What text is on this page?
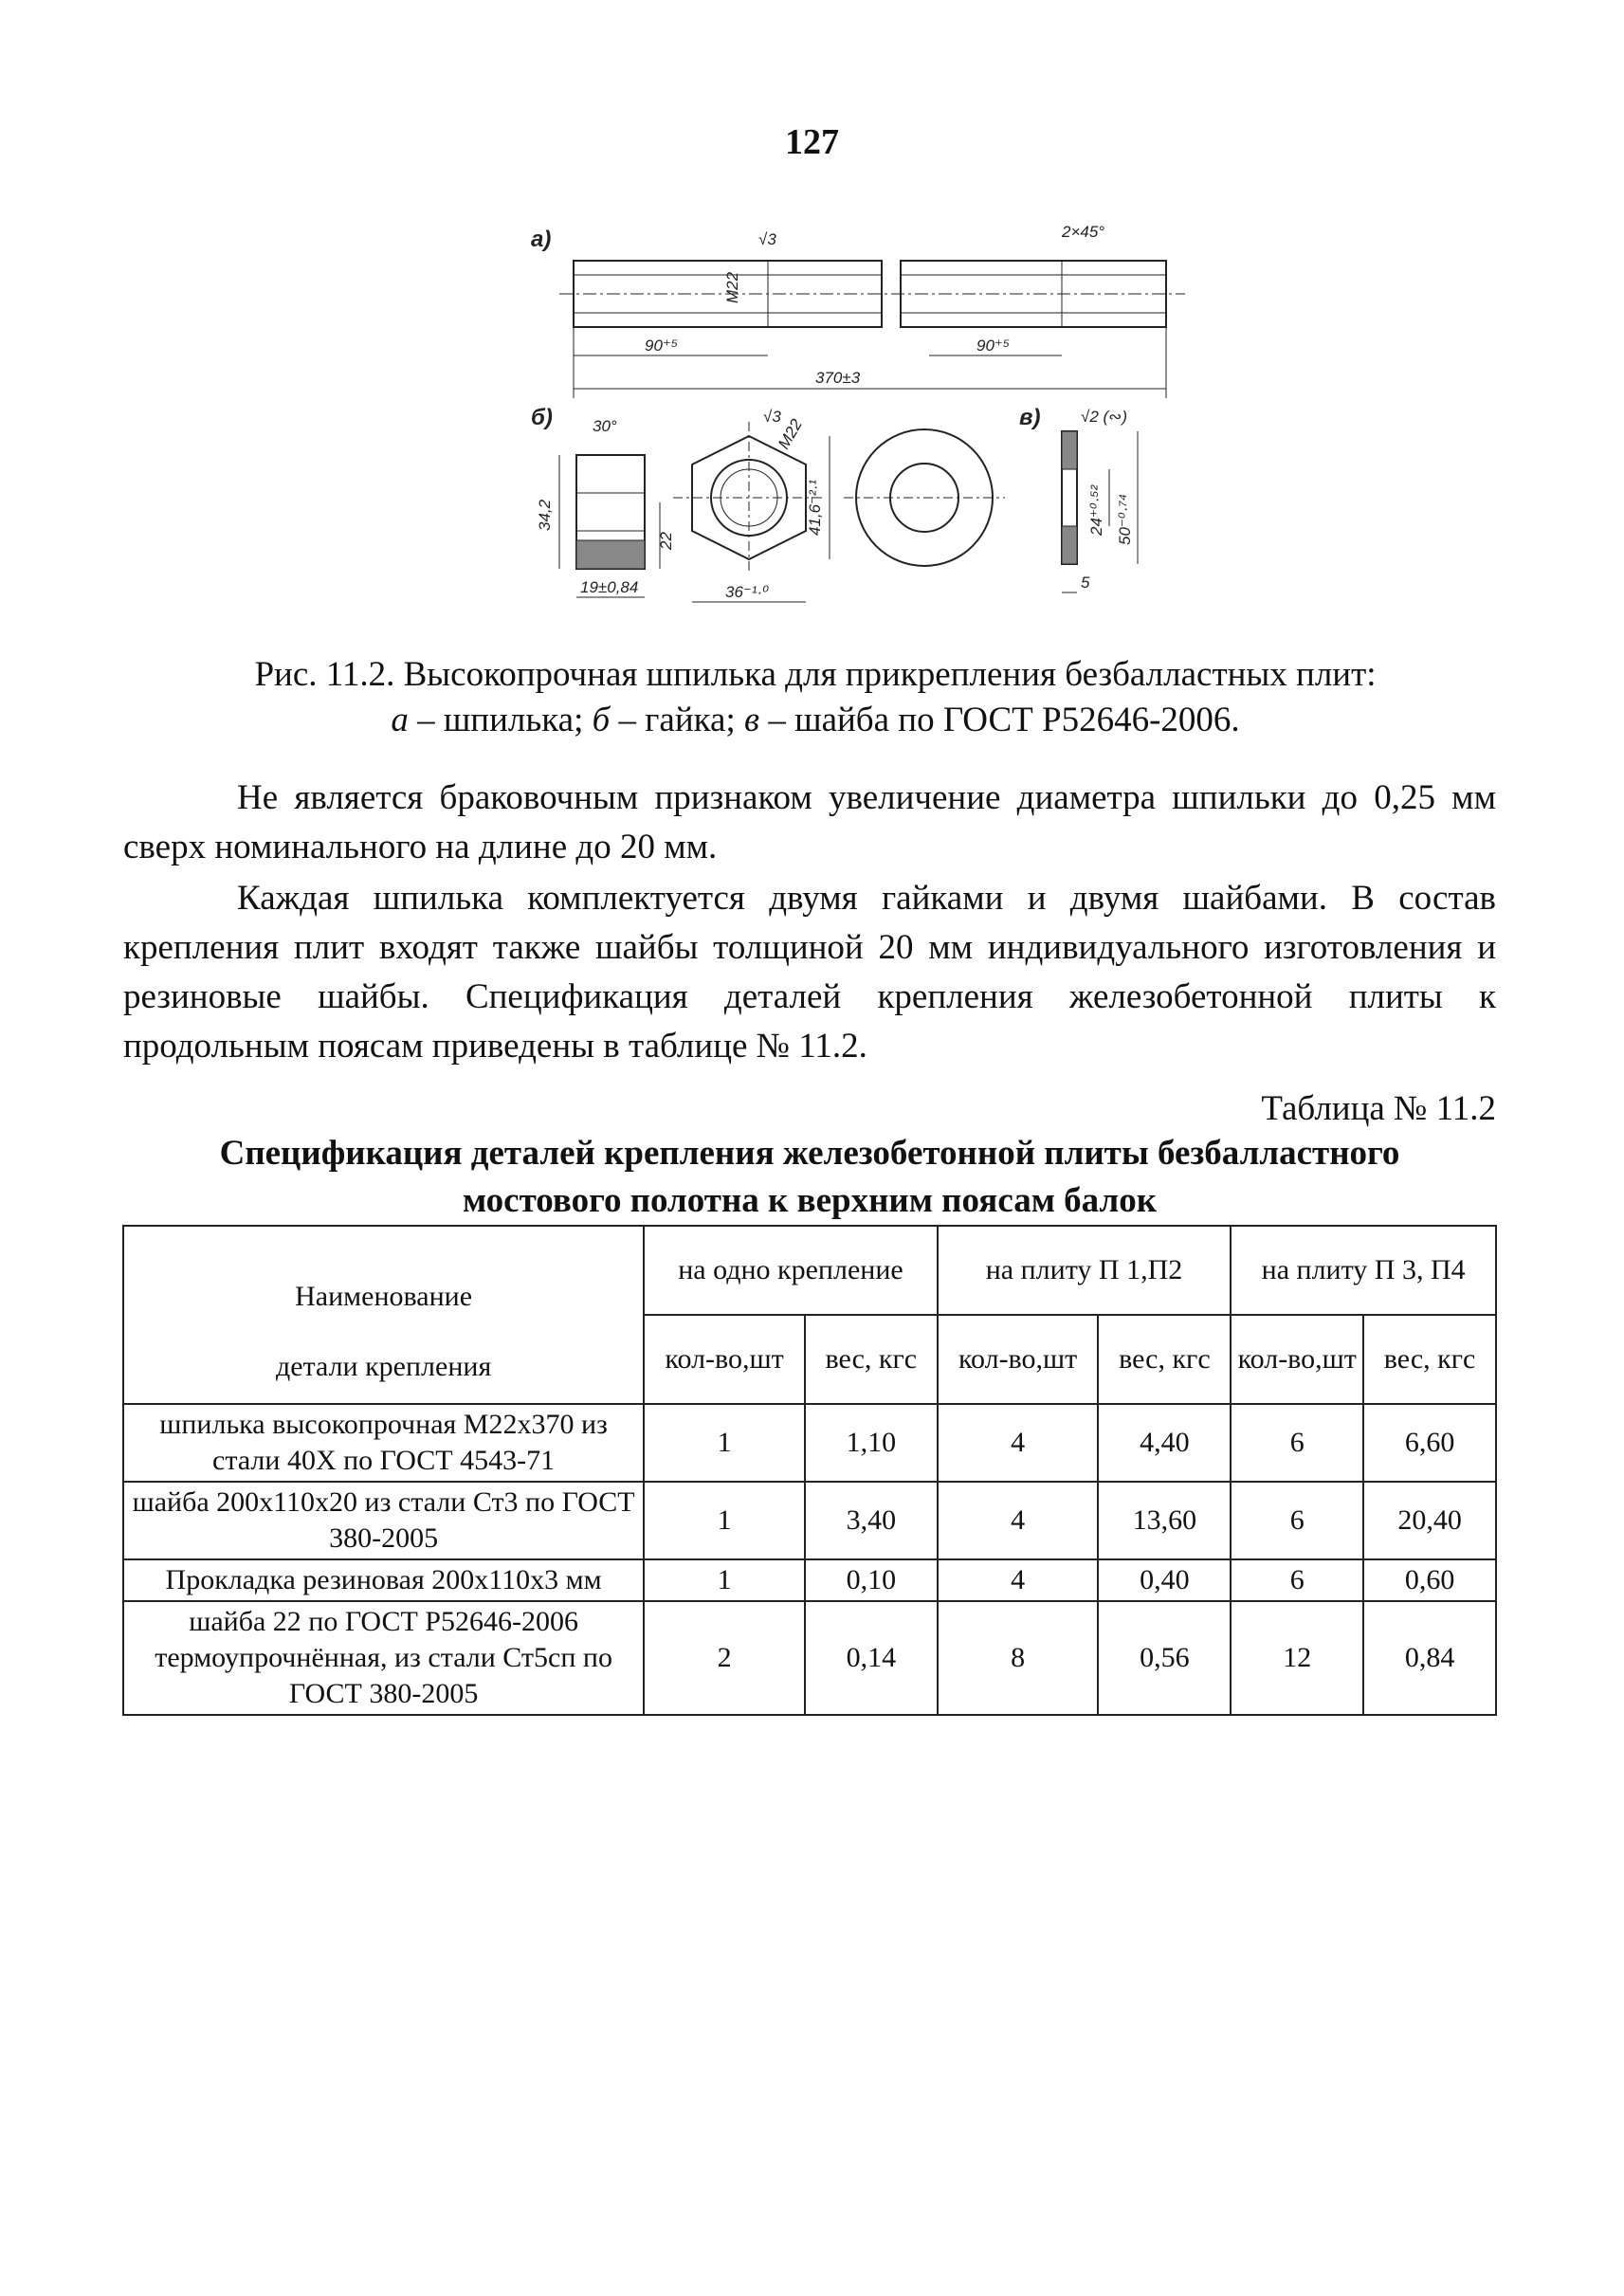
127
а)	√3	2×45°
M22
90⁺⁵	90⁺⁵
370±3
б) 30°
34,2
22
19±0,84
√3
M22
41,6⁻²·¹
36⁻¹·⁰
в)	√2 (∾)
24⁺⁰·⁵² 50⁻⁰·⁷⁴
5
Рис. 11.2. Высокопрочная шпилька для прикрепления безбалластных плит:
а – шпилька; б – гайка; в – шайба по ГОСТ Р52646-2006.
Не является браковочным признаком увеличение диаметра шпильки до 0,25 мм сверх номинального на длине до 20 мм.
Каждая шпилька комплектуется двумя гайками и двумя шайбами. В состав крепления плит входят также шайбы толщиной 20 мм индивидуального изготовления и резиновые шайбы. Спецификация деталей крепления железобетонной плиты к продольным поясам приведены в таблице № 11.2.
Таблица № 11.2
Спецификация деталей крепления железобетонной плиты безбалластного
мостового полотна к верхним поясам балок
Наименование
детали крепления	на одно крепление		на плиту П 1,П2		на плиту П 3, П4	
	кол-во,шт	вес, кгс	кол-во,шт	вес, кгс	кол-во,шт	вес, кгс
шпилька высокопрочная М22х370 из стали 40Х по ГОСТ 4543-71	1	1,10	4	4,40	6	6,60
шайба 200х110х20 из стали Ст3 по ГОСТ 380-2005	1	3,40	4	13,60	6	20,40
Прокладка резиновая 200х110х3 мм	1	0,10	4	0,40	6	0,60
шайба 22 по ГОСТ Р52646-2006 термоупрочнённая, из стали Ст5сп по ГОСТ 380-2005	2	0,14	8	0,56	12	0,84
